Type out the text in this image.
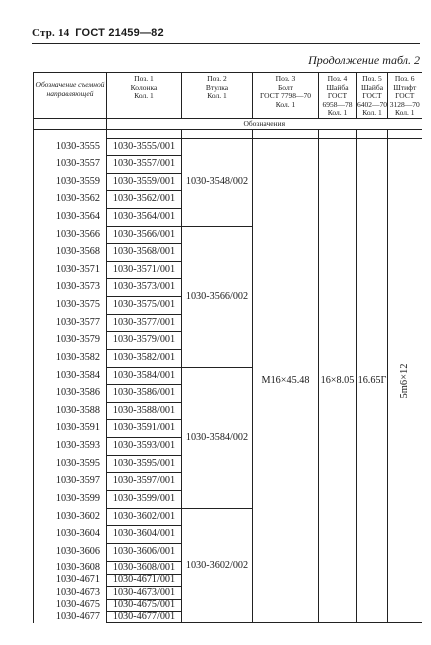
Стр. 14 ГОСТ 21459—82
Продолжение табл. 2
Обозначение съемной направляющей	Поз. 1
Колонка
Кол. 1	Поз. 2
Втулка
Кол. 1	Поз. 3
Болт
ГОСТ 7798—70
Кол. 1	Поз. 4
Шайба
ГОСТ
6958—78
Кол. 1	Поз. 5
Шайба
ГОСТ
6402—70
Кол. 1	Поз. 6
Штифт
ГОСТ
3128—70
Кол. 1
	Обозначения					

1030-3555	1030-3555/001	1030-3548/002	M16×45.48	16×8.05	16.65Г	5m6×12

1030-3557	1030-3557/001					
1030-3559	1030-3559/001					
1030-3562	1030-3562/001					
1030-3564	1030-3564/001					
1030-3566	1030-3566/001	1030-3566/002				
1030-3568	1030-3568/001					
1030-3571	1030-3571/001					
1030-3573	1030-3573/001					
1030-3575	1030-3575/001					
1030-3577	1030-3577/001					
1030-3579	1030-3579/001					
1030-3582	1030-3582/001					
1030-3584	1030-3584/001	1030-3584/002				
1030-3586	1030-3586/001					
1030-3588	1030-3588/001					
1030-3591	1030-3591/001					
1030-3593	1030-3593/001					
1030-3595	1030-3595/001					
1030-3597	1030-3597/001					
1030-3599	1030-3599/001					
1030-3602	1030-3602/001	1030-3602/002				
1030-3604	1030-3604/001					
1030-3606	1030-3606/001					
1030-3608	1030-3608/001					
1030-4671	1030-4671/001					
1030-4673	1030-4673/001					
1030-4675	1030-4675/001					
1030-4677	1030-4677/001					
